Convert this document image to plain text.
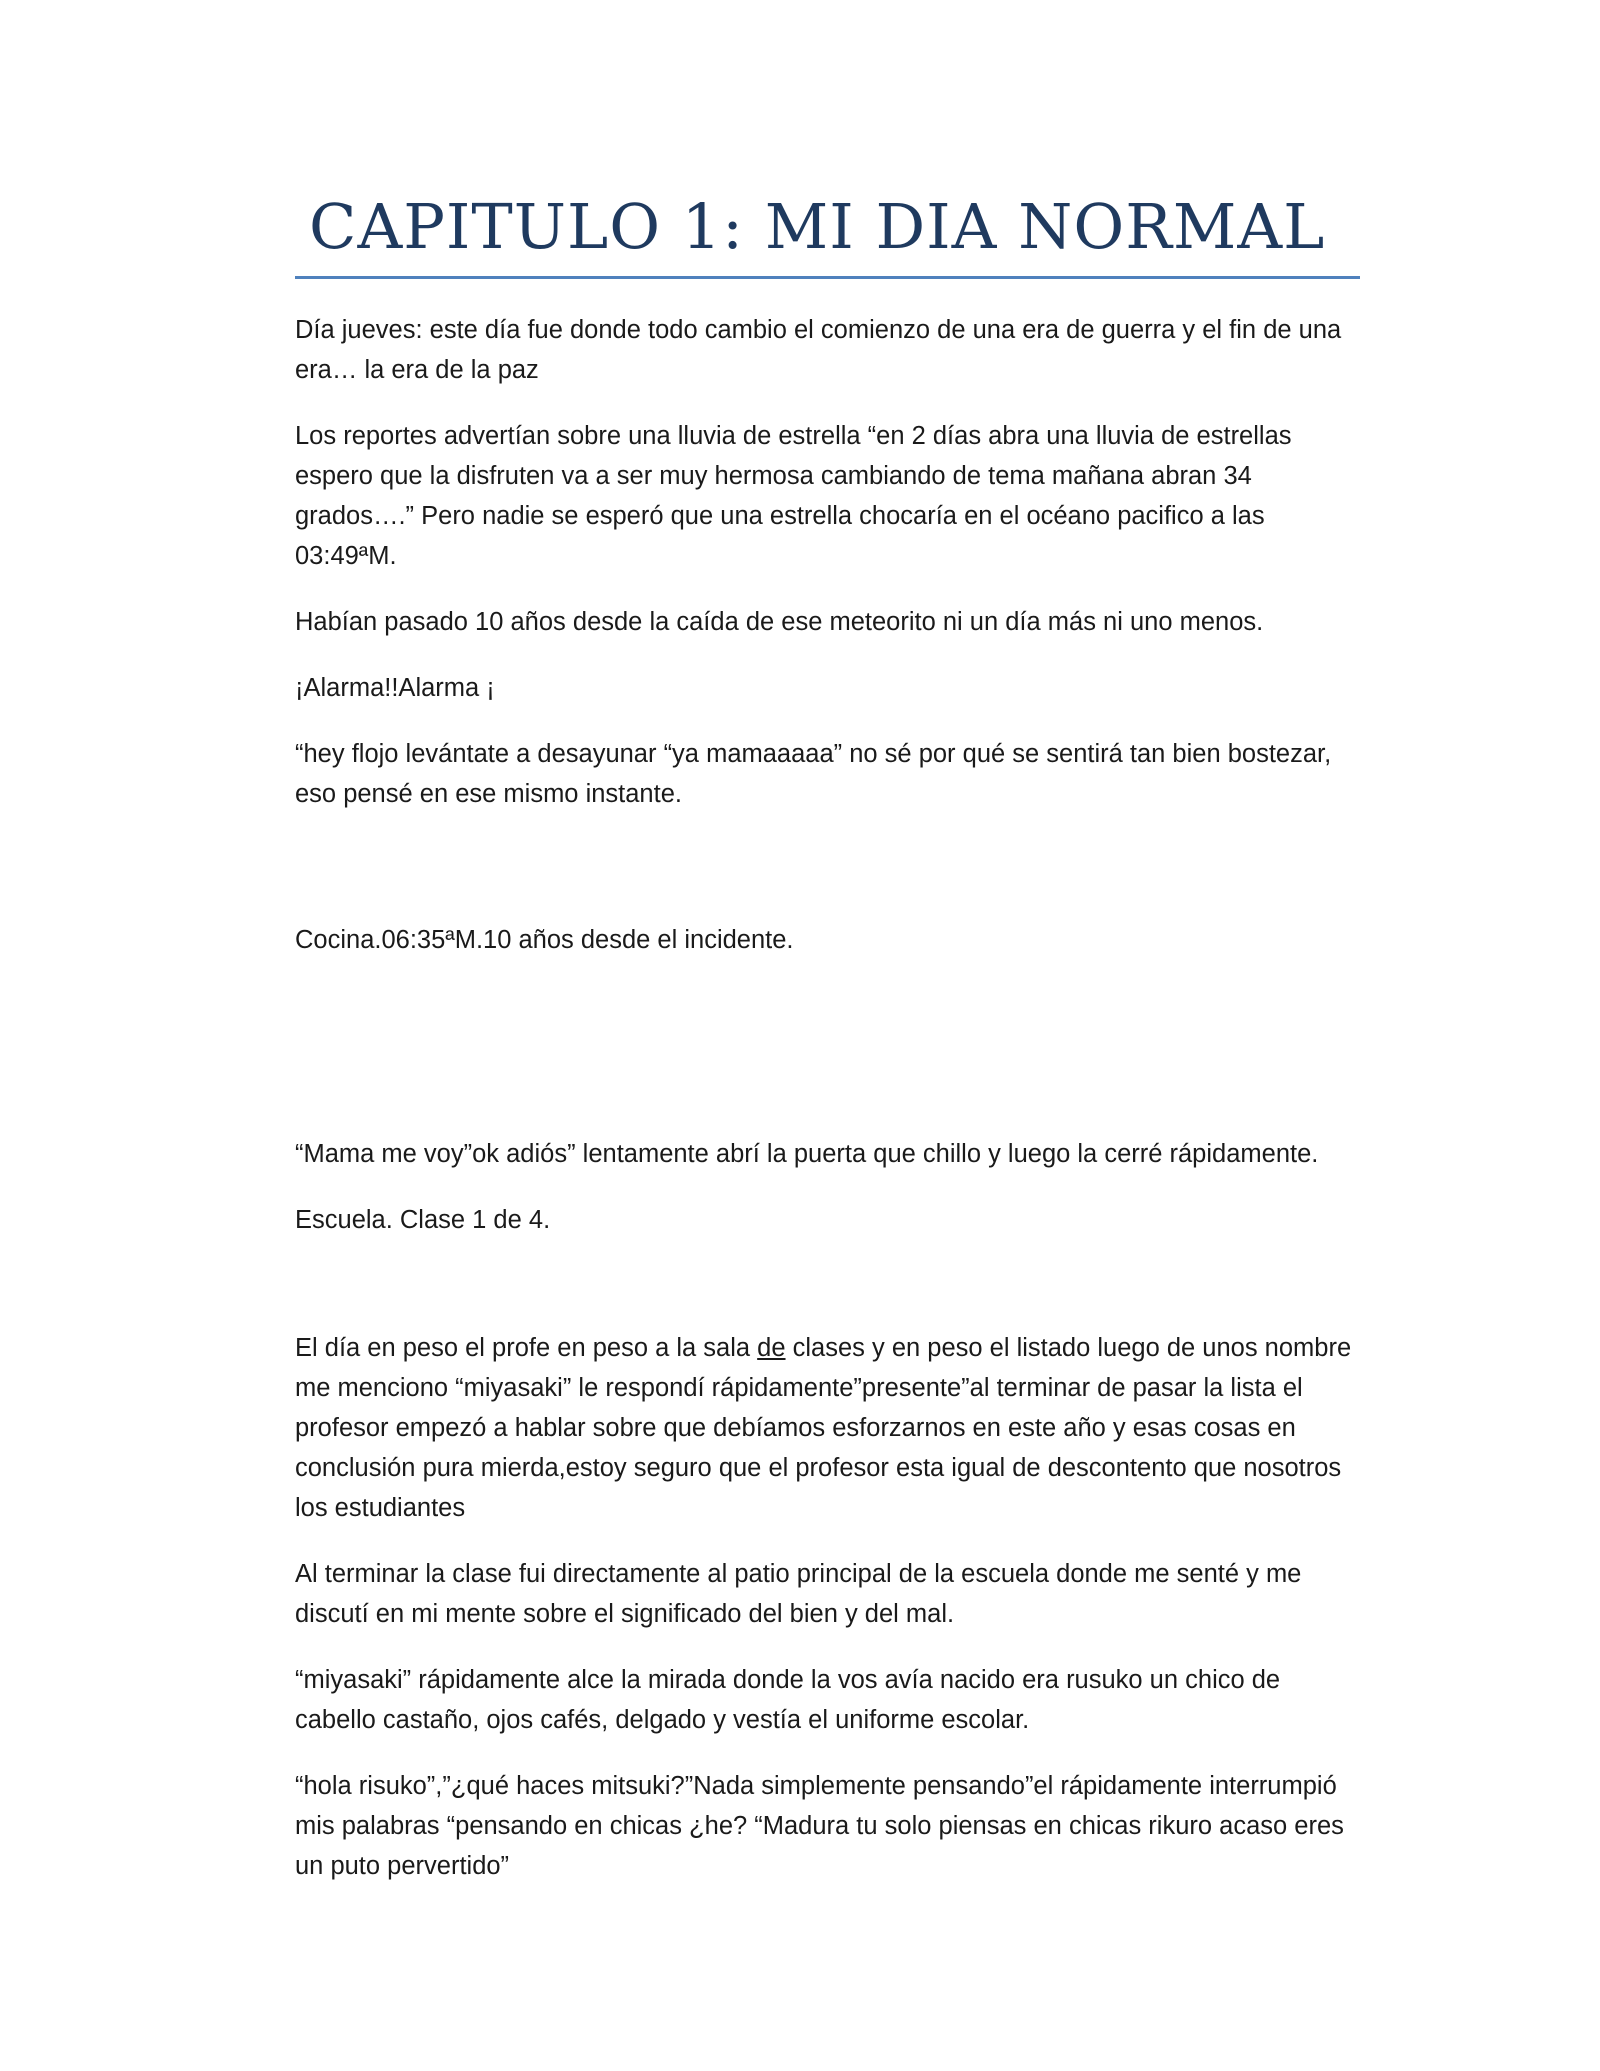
CAPITULO 1: MI DIA NORMAL

Día jueves: este día fue donde todo cambio el comienzo de una era de guerra y el fin de una era… la era de la paz

Los reportes advertían sobre una lluvia de estrella “en 2 días abra una lluvia de estrellas espero que la disfruten va a ser muy hermosa cambiando de tema mañana abran 34 grados….” Pero nadie se esperó que una estrella chocaría en el océano pacifico a las 03:49ªM.

Habían pasado 10 años desde la caída de ese meteorito ni un día más ni uno menos.

¡Alarma!!Alarma ¡

“hey flojo levántate a desayunar “ya mamaaaaa” no sé por qué se sentirá tan bien bostezar, eso pensé en ese mismo instante.

Cocina.06:35ªM.10 años desde el incidente.

“Mama me voy”ok adiós” lentamente abrí la puerta que chillo y luego la cerré rápidamente.

Escuela. Clase 1 de 4.

El día en peso el profe en peso a la sala de clases y en peso el listado luego de unos nombre me menciono “miyasaki” le respondí rápidamente”presente”al terminar de pasar la lista el profesor empezó a hablar sobre que debíamos esforzarnos en este año y esas cosas en conclusión pura mierda,estoy seguro que el profesor esta igual de descontento que nosotros los estudiantes

Al terminar la clase fui directamente al patio principal de la escuela donde me senté y me discutí en mi mente sobre el significado del bien y del mal.

“miyasaki” rápidamente alce la mirada donde la vos avía nacido era rusuko un chico de cabello castaño, ojos cafés, delgado y vestía el uniforme escolar.

“hola risuko”,”¿qué haces mitsuki?”Nada simplemente pensando”el rápidamente interrumpió mis palabras “pensando en chicas ¿he? “Madura tu solo piensas en chicas rikuro acaso eres un puto pervertido”
